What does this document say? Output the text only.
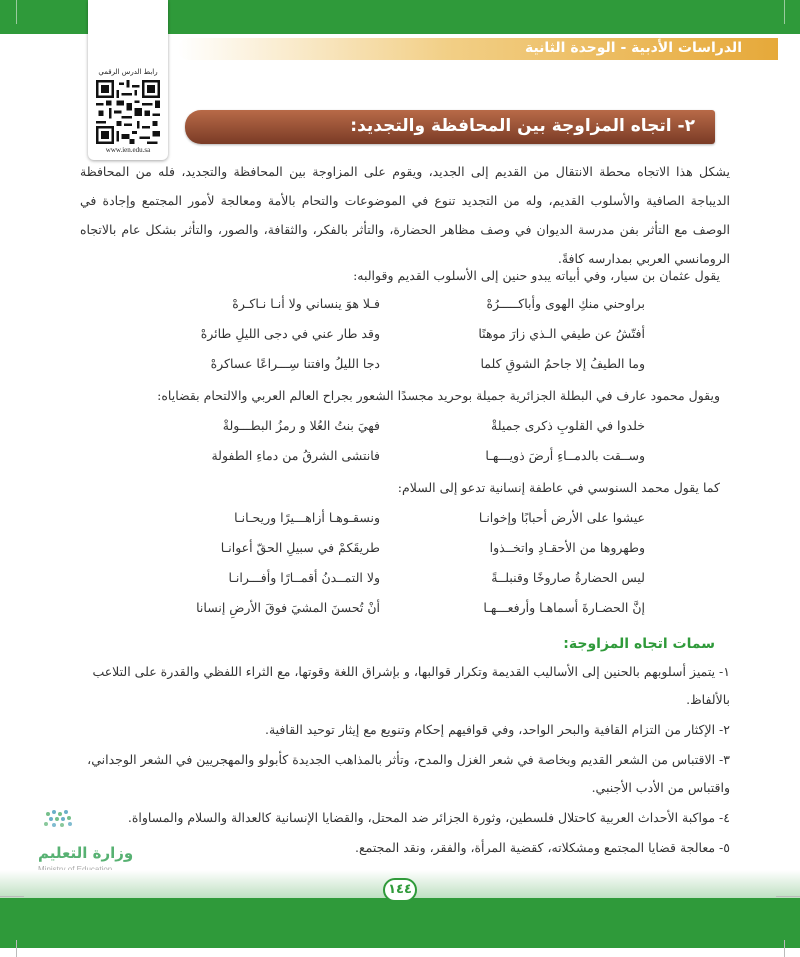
الدراسات الأدبية - الوحدة الثانية
رابط الدرس الرقمي
www.ien.edu.sa
٢- اتجاه المزاوجة بين المحافظة والتجديد:

يشكل هذا الاتجاه محطة الانتقال من القديم إلى الجديد، ويقوم على المزاوجة بين المحافظة والتجديد، فله من المحافظة الديباجة الصافية والأسلوب القديم، وله من التجديد تنوع في الموضوعات والتحام بالأمة ومعالجة لأمور المجتمع وإجادة في الوصف مع التأثر بفن مدرسة الديوان في وصف مظاهر الحضارة، والتأثر بالفكر، والثقافة، والصور، والتأثر بشكل عام بالاتجاه الرومانسي العربي بمدارسه كافةً.

يقول عثمان بن سيار، وفي أبياته يبدو حنين إلى الأسلوب القديم وقوالبه:
براوحني منكِ الهوى وأباكـــــرُهْ
فـلا هوَ ينساني ولا أنـا نـاكـرهْ
أفتّشُ عن طيفي الـذي زارَ موهنًا
وقد طار عني في دجى الليلِ طائرهْ
وما الطيفُ إلا جاحمُ الشوقِ كلما
دجا الليلُ وافتنا سِـــراعًا عساكرهْ
ويقول محمود عارف في البطلة الجزائرية جميلة بوحريد مجسدًا الشعور بجراح العالم العربي والالتحام بقضاياه:
خلدوا في القلوبِ ذكرى جميلةْ
فهيَ بنتُ العُلا و رمزُ البطـــولةْ
وســقت بالدمــاءِ أرضَ ذويـــهـا
فانتشى الشرقُ من دماءِ الطفولة
كما يقول محمد السنوسي في عاطفة إنسانية تدعو إلى السلام:
عيشوا على الأرض أحبابًا وإخوانـا
ونسقـوهـا أزاهـــيرًا وريحـانـا
وطهروها من الأحقـادِ واتخــذوا
طريقَكمْ في سبيلِ الحقّ أعوانـا
ليس الحضارةُ صاروخًا وقنبلــةً
ولا التمــدنُ أقمــارًا وأفـــرانـا
إنَّ الحضـارةَ أسماهـا وأرفعـــهـا
أنْ تُحسنَ المشيَ فوقَ الأرضِ إنسانا
سمات اتجاه المزاوجة:
١- يتميز أسلوبهم بالحنين إلى الأساليب القديمة وتكرار قوالبها، و بإشراق اللغة وقوتها، مع الثراء اللفظي والقدرة على التلاعب بالألفاظ.
٢- الإكثار من التزام القافية والبحر الواحد، وفي قوافيهم إحكام وتنويع مع إيثار توحيد القافية.
٣- الاقتباس من الشعر القديم وبخاصة في شعر الغزل والمدح، وتأثر بالمذاهب الجديدة كأبولو والمهجريين في الشعر الوجداني، واقتباس من الأدب الأجنبي.
٤- مواكبة الأحداث العربية كاحتلال فلسطين، وثورة الجزائر ضد المحتل، والقضايا الإنسانية كالعدالة والسلام والمساواة.
٥- معالجة قضايا المجتمع ومشكلاته، كقضية المرأة، والفقر، ونقد المجتمع.
وزارة التعليم
١٤٤
